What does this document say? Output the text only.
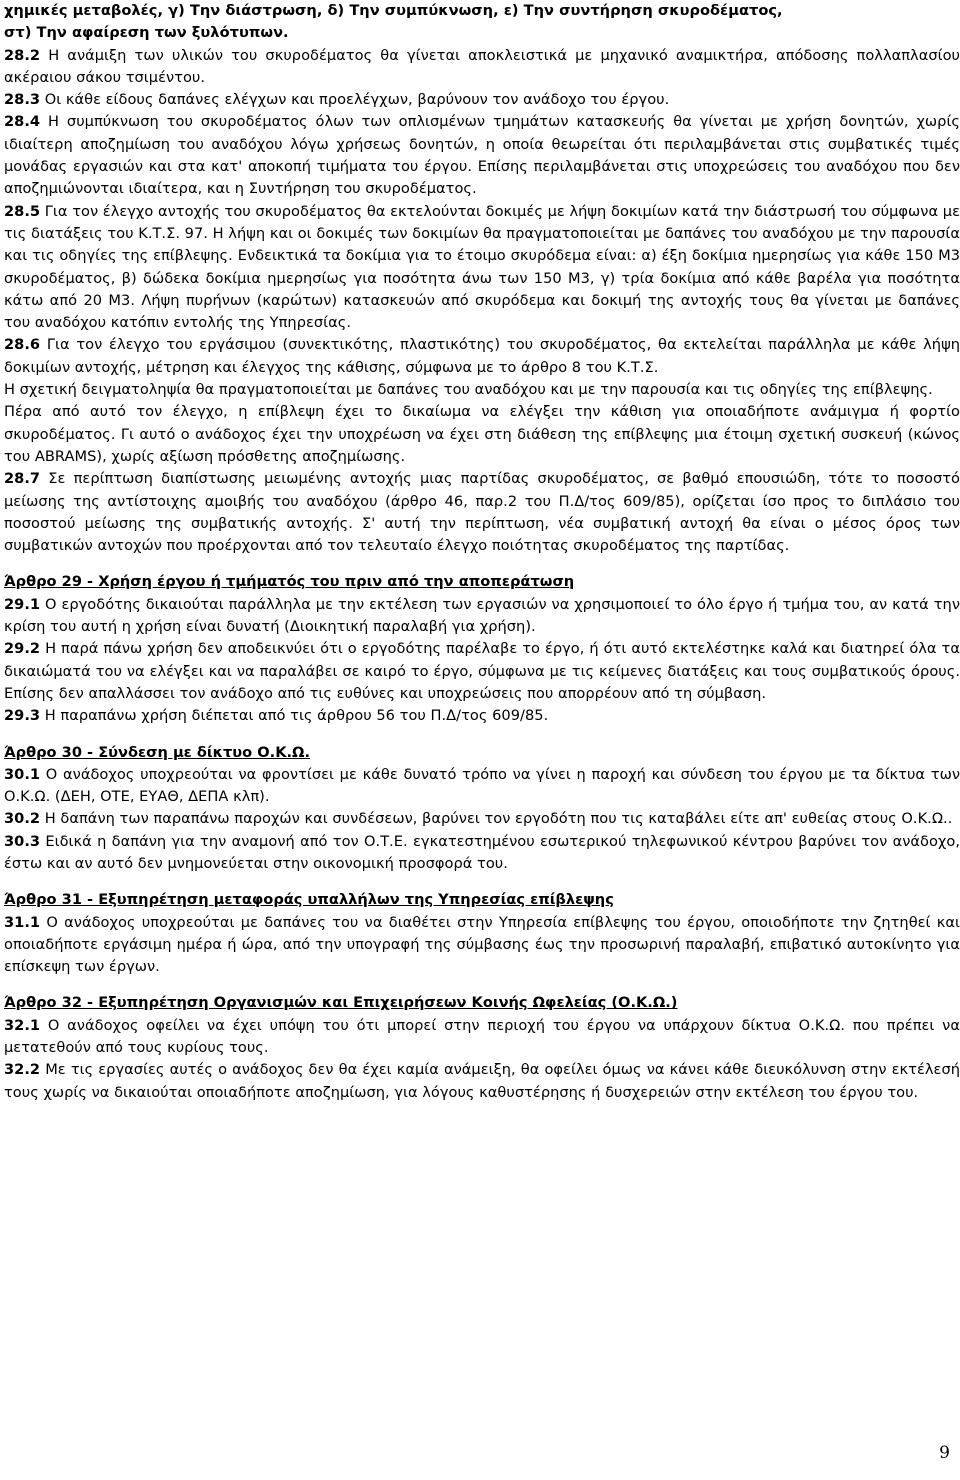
χημικές μεταβολές, γ) Την διάστρωση, δ) Την συμπύκνωση, ε) Την συντήρηση σκυροδέματος,
στ) Την αφαίρεση των ξυλότυπων.

28.2 Η ανάμιξη των υλικών του σκυροδέματος θα γίνεται αποκλειστικά με μηχανικό αναμικτήρα, απόδοσης πολλαπλασίου ακέραιου σάκου τσιμέντου.

28.3 Οι κάθε είδους δαπάνες ελέγχων και προελέγχων, βαρύνουν τον ανάδοχο του έργου.

28.4 Η συμπύκνωση του σκυροδέματος όλων των οπλισμένων τμημάτων κατασκευής θα γίνεται με χρήση δονητών, χωρίς ιδιαίτερη αποζημίωση του αναδόχου λόγω χρήσεως δονητών, η οποία θεωρείται ότι περιλαμβάνεται στις συμβατικές τιμές μονάδας εργασιών και στα κατ' αποκοπή τιμήματα του έργου. Επίσης περιλαμβάνεται στις υποχρεώσεις του αναδόχου που δεν αποζημιώνονται ιδιαίτερα, και η Συντήρηση του σκυροδέματος.

28.5 Για τον έλεγχο αντοχής του σκυροδέματος θα εκτελούνται δοκιμές με λήψη δοκιμίων κατά την διάστρωσή του σύμφωνα με τις διατάξεις του Κ.Τ.Σ. 97. Η λήψη και οι δοκιμές των δοκιμίων θα πραγματοποιείται με δαπάνες του αναδόχου με την παρουσία και τις οδηγίες της επίβλεψης. Ενδεικτικά τα δοκίμια για το έτοιμο σκυρόδεμα είναι: α) έξη δοκίμια ημερησίως για κάθε 150 Μ3 σκυροδέματος, β) δώδεκα δοκίμια ημερησίως για ποσότητα άνω των 150 Μ3, γ) τρία δοκίμια από κάθε βαρέλα για ποσότητα κάτω από 20 Μ3. Λήψη πυρήνων (καρώτων) κατασκευών από σκυρόδεμα και δοκιμή της αντοχής τους θα γίνεται με δαπάνες του αναδόχου κατόπιν εντολής της Υπηρεσίας.

28.6 Για τον έλεγχο του εργάσιμου (συνεκτικότης, πλαστικότης) του σκυροδέματος, θα εκτελείται παράλληλα με κάθε λήψη δοκιμίων αντοχής, μέτρηση και έλεγχος της κάθισης, σύμφωνα με το άρθρο 8 του Κ.Τ.Σ.

Η σχετική δειγματοληψία θα πραγματοποιείται με δαπάνες του αναδόχου και με την παρουσία και τις οδηγίες της επίβλεψης.

Πέρα από αυτό τον έλεγχο, η επίβλεψη έχει το δικαίωμα να ελέγξει την κάθιση για οποιαδήποτε ανάμιγμα ή φορτίο σκυροδέματος. Γι αυτό ο ανάδοχος έχει την υποχρέωση να έχει στη διάθεση της επίβλεψης μια έτοιμη σχετική συσκευή (κώνος του ABRAMS), χωρίς αξίωση πρόσθετης αποζημίωσης.

28.7 Σε περίπτωση διαπίστωσης μειωμένης αντοχής μιας παρτίδας σκυροδέματος, σε βαθμό επουσιώδη, τότε το ποσοστό μείωσης της αντίστοιχης αμοιβής του αναδόχου (άρθρο 46, παρ.2 του Π.Δ/τος 609/85), ορίζεται ίσο προς το διπλάσιο του ποσοστού μείωσης της συμβατικής αντοχής. Σ' αυτή την περίπτωση, νέα συμβατική αντοχή θα είναι ο μέσος όρος των συμβατικών αντοχών που προέρχονται από τον τελευταίο έλεγχο ποιότητας σκυροδέματος της παρτίδας.

Άρθρο 29 - Χρήση έργου ή τμήματός του πριν από την αποπεράτωση

29.1 Ο εργοδότης δικαιούται παράλληλα με την εκτέλεση των εργασιών να χρησιμοποιεί το όλο έργο ή τμήμα του, αν κατά την κρίση του αυτή η χρήση είναι δυνατή (Διοικητική παραλαβή για χρήση).

29.2 Η παρά πάνω χρήση δεν αποδεικνύει ότι ο εργοδότης παρέλαβε το έργο, ή ότι αυτό εκτελέστηκε καλά και διατηρεί όλα τα δικαιώματά του να ελέγξει και να παραλάβει σε καιρό το έργο, σύμφωνα με τις κείμενες διατάξεις και τους συμβατικούς όρους. Επίσης δεν απαλλάσσει τον ανάδοχο από τις ευθύνες και υποχρεώσεις που απορρέουν από τη σύμβαση.

29.3 Η παραπάνω χρήση διέπεται από τις άρθρου 56 του Π.Δ/τος 609/85.

Άρθρο 30 - Σύνδεση με δίκτυο Ο.Κ.Ω.

30.1 Ο ανάδοχος υποχρεούται να φροντίσει με κάθε δυνατό τρόπο να γίνει η παροχή και σύνδεση του έργου με τα δίκτυα των Ο.Κ.Ω. (ΔΕΗ, ΟΤΕ, ΕΥΑΘ, ΔΕΠΑ κλπ).

30.2 Η δαπάνη των παραπάνω παροχών και συνδέσεων, βαρύνει τον εργοδότη που τις καταβάλει είτε απ' ευθείας στους Ο.Κ.Ω..

30.3 Ειδικά η δαπάνη για την αναμονή από τον Ο.Τ.Ε. εγκατεστημένου εσωτερικού τηλεφωνικού κέντρου βαρύνει τον ανάδοχο, έστω και αν αυτό δεν μνημονεύεται στην οικονομική προσφορά του.

Άρθρο 31 - Εξυπηρέτηση μεταφοράς υπαλλήλων της Υπηρεσίας επίβλεψης

31.1 Ο ανάδοχος υποχρεούται με δαπάνες του να διαθέτει στην Υπηρεσία επίβλεψης του έργου, οποιοδήποτε την ζητηθεί και οποιαδήποτε εργάσιμη ημέρα ή ώρα, από την υπογραφή της σύμβασης έως την προσωρινή παραλαβή, επιβατικό αυτοκίνητο για επίσκεψη των έργων.

Άρθρο 32 - Εξυπηρέτηση Οργανισμών και Επιχειρήσεων Κοινής Ωφελείας (Ο.Κ.Ω.)

32.1 Ο ανάδοχος οφείλει να έχει υπόψη του ότι μπορεί στην περιοχή του έργου να υπάρχουν δίκτυα Ο.Κ.Ω. που πρέπει να μετατεθούν από τους κυρίους τους.

32.2 Με τις εργασίες αυτές ο ανάδοχος δεν θα έχει καμία ανάμειξη, θα οφείλει όμως να κάνει κάθε διευκόλυνση στην εκτέλεσή τους χωρίς να δικαιούται οποιαδήποτε αποζημίωση, για λόγους καθυστέρησης ή δυσχερειών στην εκτέλεση του έργου του.

9
